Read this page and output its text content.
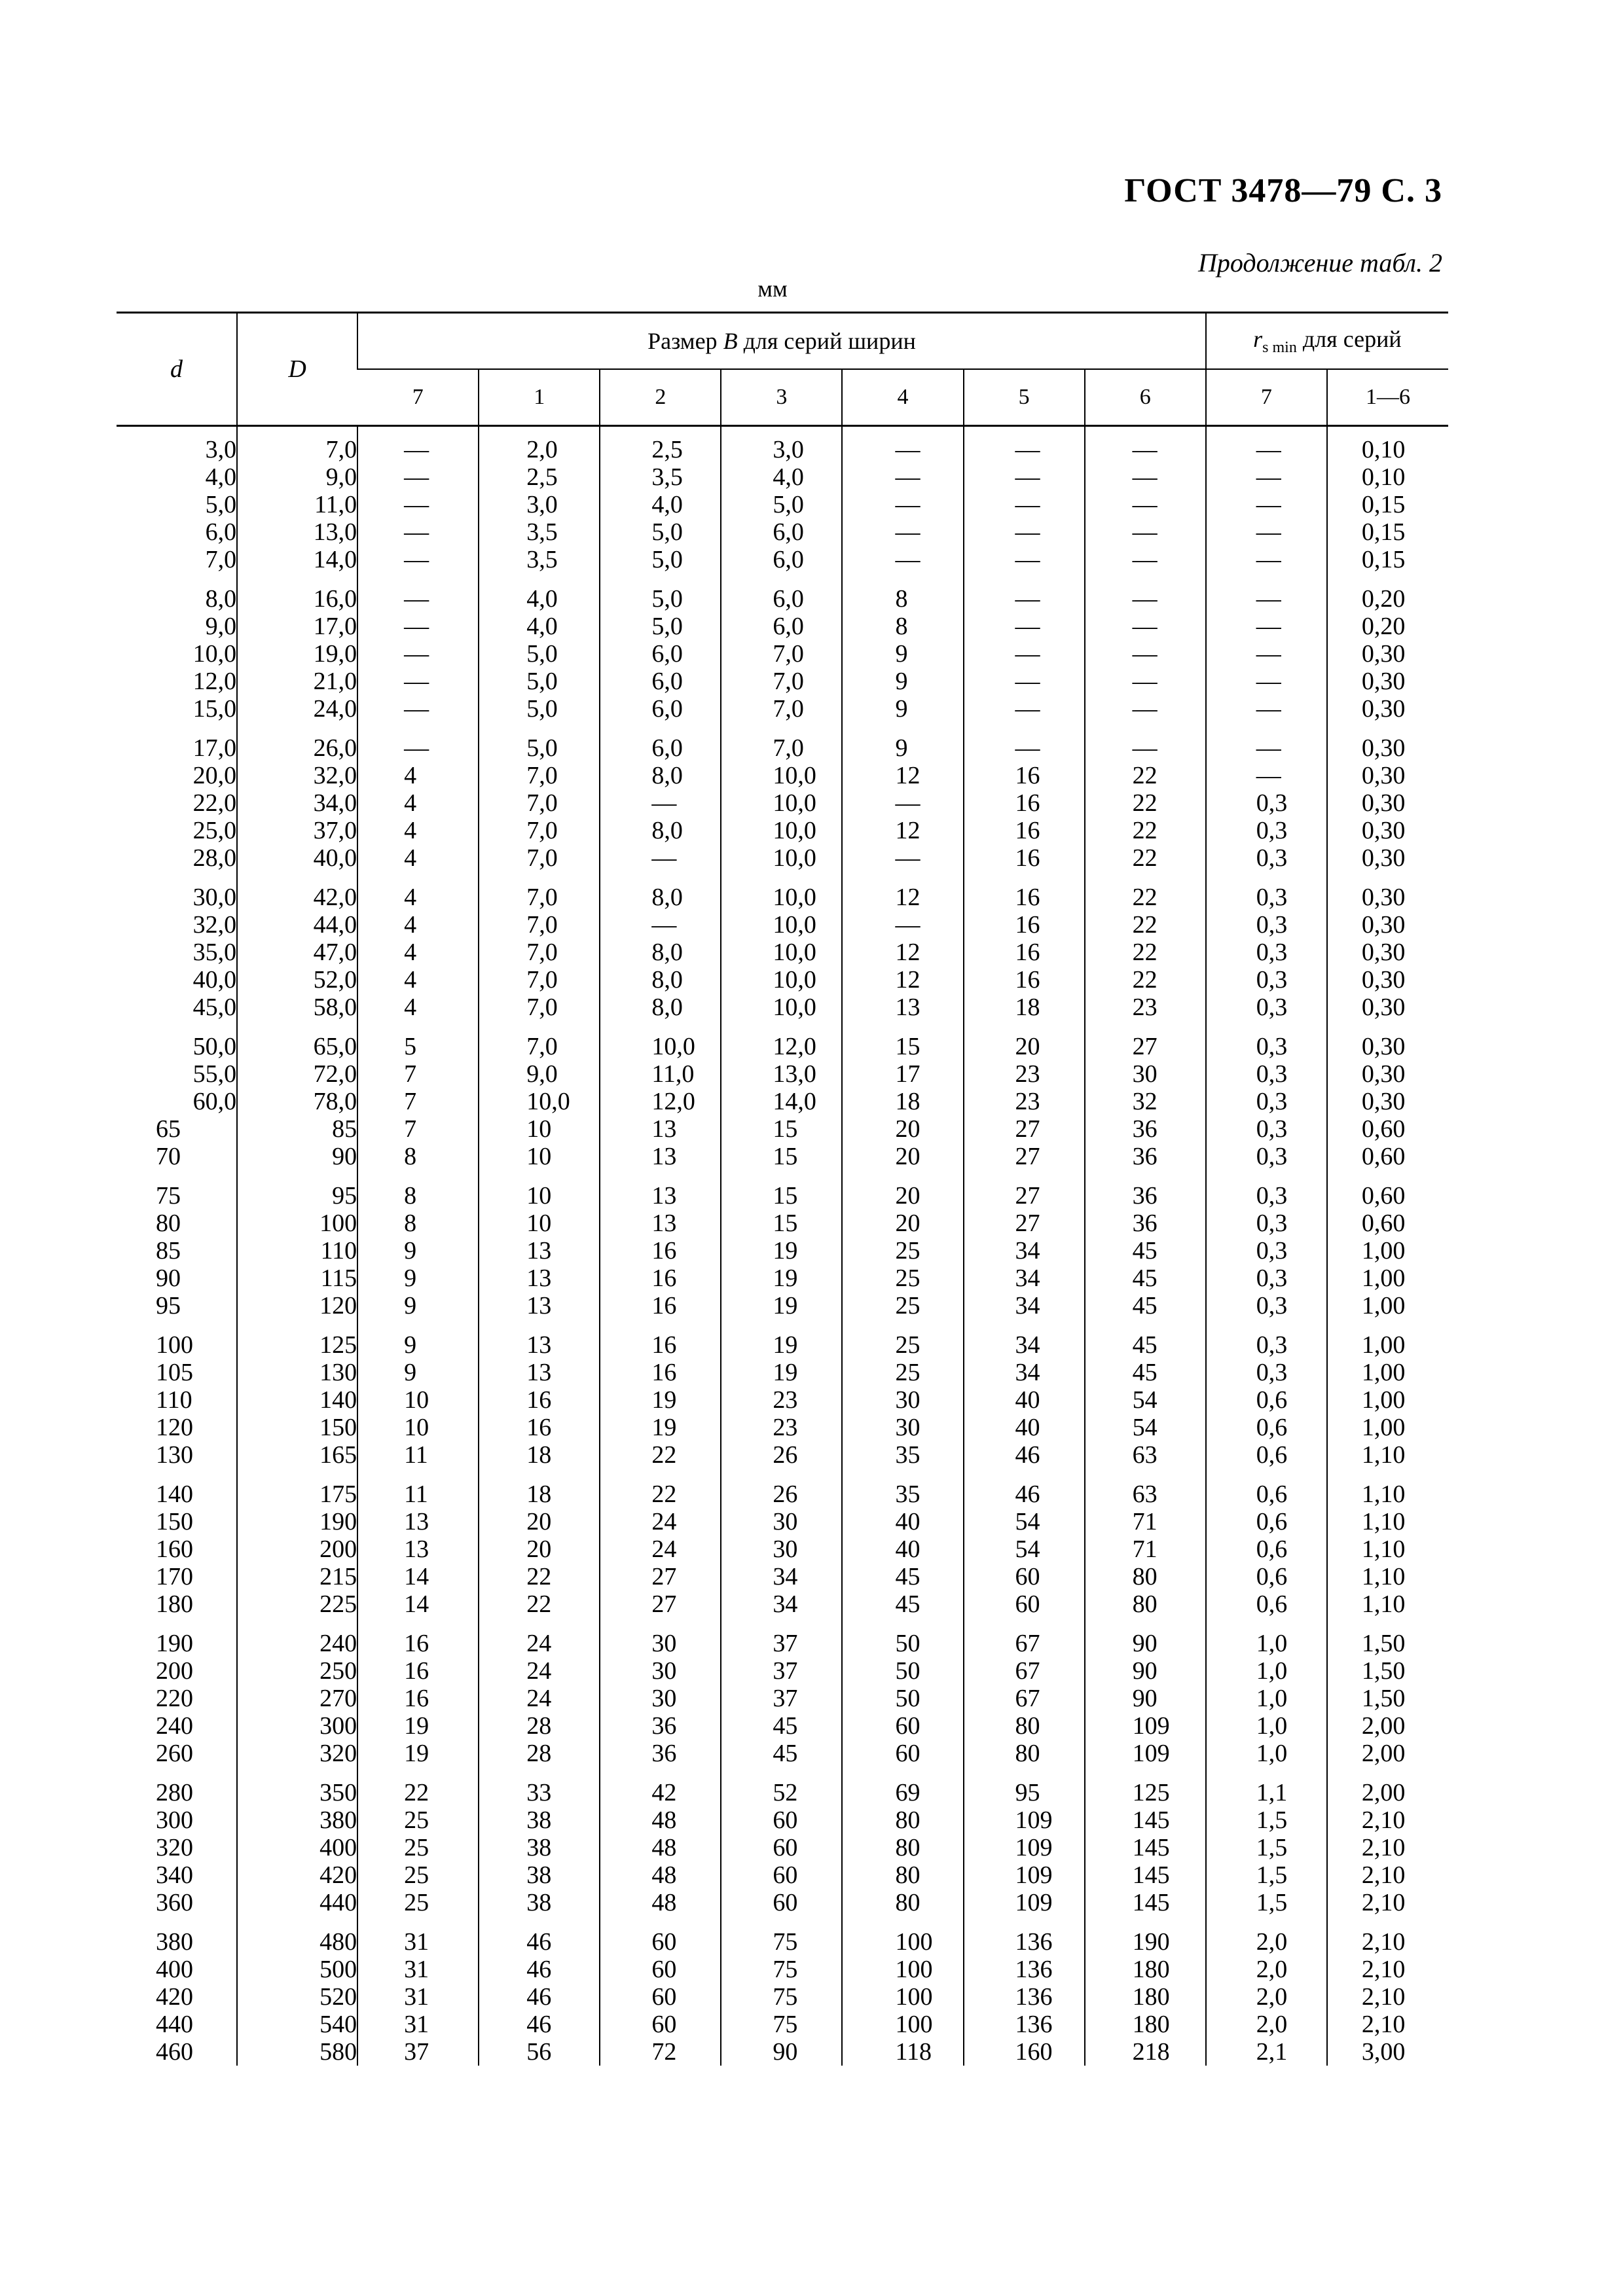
ГОСТ 3478—79 С. 3
Продолжение табл. 2
мм
d	D	Размер B для серий ширин							$r_{s min}$ для серий	
		7	1	2	3	4	5	6	7	1—6
3,0	7,0	—	2,0	2,5	3,0	—	—	—	—	0,10
4,0	9,0	—	2,5	3,5	4,0	—	—	—	—	0,10
5,0	11,0	—	3,0	4,0	5,0	—	—	—	—	0,15
6,0	13,0	—	3,5	5,0	6,0	—	—	—	—	0,15
7,0	14,0	—	3,5	5,0	6,0	—	—	—	—	0,15
8,0	16,0	—	4,0	5,0	6,0	8	—	—	—	0,20
9,0	17,0	—	4,0	5,0	6,0	8	—	—	—	0,20
10,0	19,0	—	5,0	6,0	7,0	9	—	—	—	0,30
12,0	21,0	—	5,0	6,0	7,0	9	—	—	—	0,30
15,0	24,0	—	5,0	6,0	7,0	9	—	—	—	0,30
17,0	26,0	—	5,0	6,0	7,0	9	—	—	—	0,30
20,0	32,0	4	7,0	8,0	10,0	12	16	22	—	0,30
22,0	34,0	4	7,0	—	10,0	—	16	22	0,3	0,30
25,0	37,0	4	7,0	8,0	10,0	12	16	22	0,3	0,30
28,0	40,0	4	7,0	—	10,0	—	16	22	0,3	0,30
30,0	42,0	4	7,0	8,0	10,0	12	16	22	0,3	0,30
32,0	44,0	4	7,0	—	10,0	—	16	22	0,3	0,30
35,0	47,0	4	7,0	8,0	10,0	12	16	22	0,3	0,30
40,0	52,0	4	7,0	8,0	10,0	12	16	22	0,3	0,30
45,0	58,0	4	7,0	8,0	10,0	13	18	23	0,3	0,30
50,0	65,0	5	7,0	10,0	12,0	15	20	27	0,3	0,30
55,0	72,0	7	9,0	11,0	13,0	17	23	30	0,3	0,30
60,0	78,0	7	10,0	12,0	14,0	18	23	32	0,3	0,30
65	85	7	10	13	15	20	27	36	0,3	0,60
70	90	8	10	13	15	20	27	36	0,3	0,60
75	95	8	10	13	15	20	27	36	0,3	0,60
80	100	8	10	13	15	20	27	36	0,3	0,60
85	110	9	13	16	19	25	34	45	0,3	1,00
90	115	9	13	16	19	25	34	45	0,3	1,00
95	120	9	13	16	19	25	34	45	0,3	1,00
100	125	9	13	16	19	25	34	45	0,3	1,00
105	130	9	13	16	19	25	34	45	0,3	1,00
110	140	10	16	19	23	30	40	54	0,6	1,00
120	150	10	16	19	23	30	40	54	0,6	1,00
130	165	11	18	22	26	35	46	63	0,6	1,10
140	175	11	18	22	26	35	46	63	0,6	1,10
150	190	13	20	24	30	40	54	71	0,6	1,10
160	200	13	20	24	30	40	54	71	0,6	1,10
170	215	14	22	27	34	45	60	80	0,6	1,10
180	225	14	22	27	34	45	60	80	0,6	1,10
190	240	16	24	30	37	50	67	90	1,0	1,50
200	250	16	24	30	37	50	67	90	1,0	1,50
220	270	16	24	30	37	50	67	90	1,0	1,50
240	300	19	28	36	45	60	80	109	1,0	2,00
260	320	19	28	36	45	60	80	109	1,0	2,00
280	350	22	33	42	52	69	95	125	1,1	2,00
300	380	25	38	48	60	80	109	145	1,5	2,10
320	400	25	38	48	60	80	109	145	1,5	2,10
340	420	25	38	48	60	80	109	145	1,5	2,10
360	440	25	38	48	60	80	109	145	1,5	2,10
380	480	31	46	60	75	100	136	190	2,0	2,10
400	500	31	46	60	75	100	136	180	2,0	2,10
420	520	31	46	60	75	100	136	180	2,0	2,10
440	540	31	46	60	75	100	136	180	2,0	2,10
460	580	37	56	72	90	118	160	218	2,1	3,00
